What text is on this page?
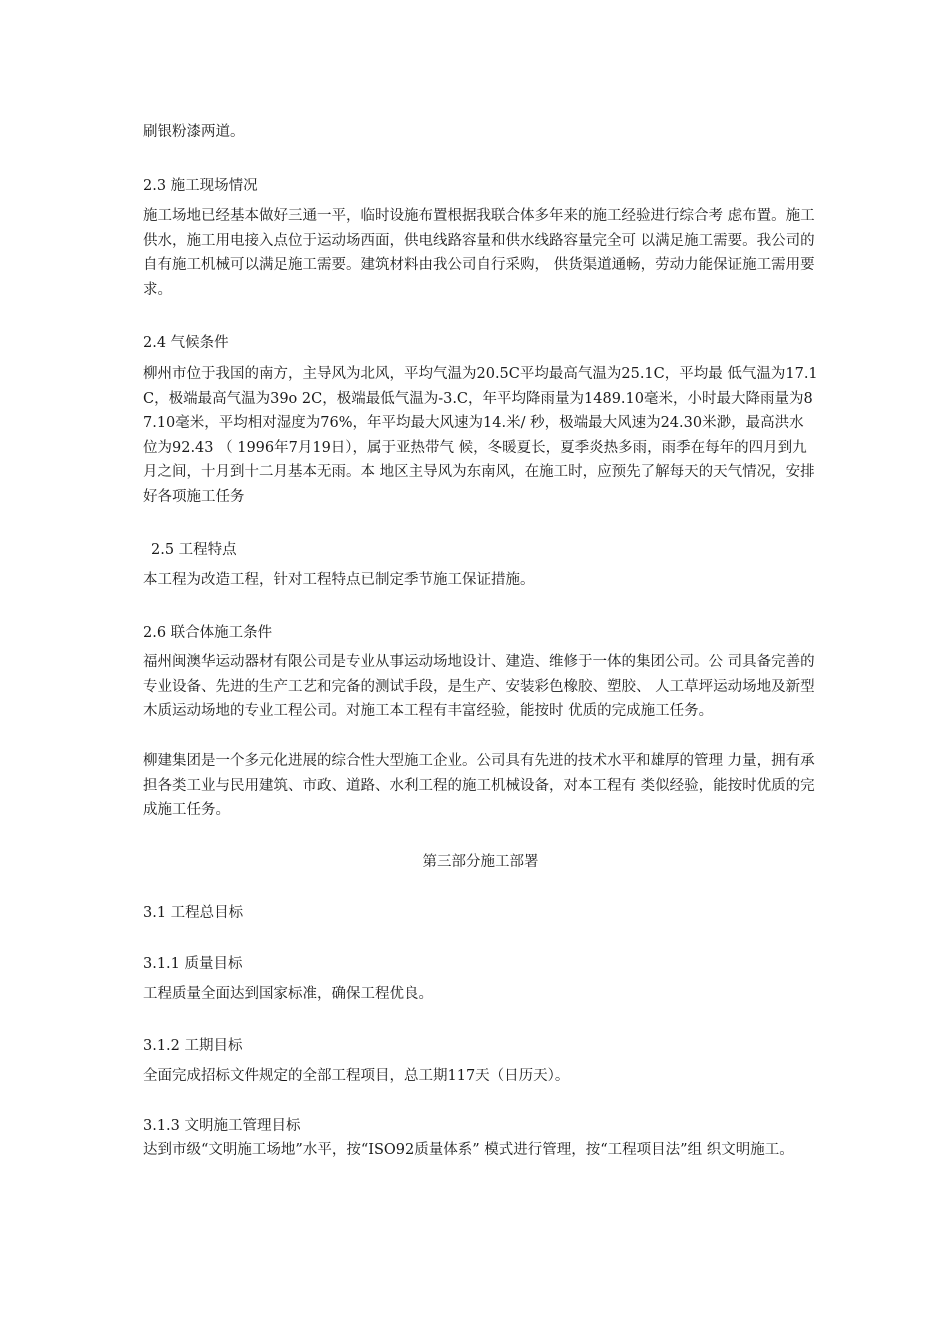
刷银粉漆两道。

2.3 施工现场情况

施工场地已经基本做好三通一平，临时设施布置根据我联合体多年来的施工经验进行综合考 虑布置。施工供水，施工用电接入点位于运动场西面，供电线路容量和供水线路容量完全可 以满足施工需要。我公司的自有施工机械可以满足施工需要。建筑材料由我公司自行采购， 供货渠道通畅，劳动力能保证施工需用要求。

2.4 气候条件

柳州市位于我国的南方，主导风为北风，平均气温为20.5C平均最高气温为25.1C，平均最 低气温为17.1C，极端最高气温为39o 2C，极端最低气温为-3.C，年平均降雨量为1489.10毫米，小时最大降雨量为87.10毫米，平均相对湿度为76%，年平均最大风速为14.米/ 秒，极端最大风速为24.30米渺，最高洪水位为92.43 （ 1996年7月19日），属于亚热带气 候，冬暖夏长，夏季炎热多雨，雨季在每年的四月到九月之间，十月到十二月基本无雨。本 地区主导风为东南风，在施工时，应预先了解每天的天气情况，安排好各项施工任务

2.5 工程特点

本工程为改造工程，针对工程特点已制定季节施工保证措施。

2.6 联合体施工条件

福州闽澳华运动器材有限公司是专业从事运动场地设计、建造、维修于一体的集团公司。公 司具备完善的专业设备、先进的生产工艺和完备的测试手段，是生产、安装彩色橡胶、塑胶、 人工草坪运动场地及新型木质运动场地的专业工程公司。对施工本工程有丰富经验，能按时 优质的完成施工任务。

柳建集团是一个多元化进展的综合性大型施工企业。公司具有先进的技术水平和雄厚的管理 力量，拥有承担各类工业与民用建筑、市政、道路、水利工程的施工机械设备，对本工程有 类似经验，能按时优质的完成施工任务。

第三部分施工部署

3.1 工程总目标

3.1.1 质量目标

工程质量全面达到国家标准，确保工程优良。

3.1.2 工期目标

全面完成招标文件规定的全部工程项目，总工期117天（日历天）。

3.1.3 文明施工管理目标

达到市级“文明施工场地”水平，按“ISO92质量体系” 模式进行管理，按“工程项目法”组 织文明施工。
